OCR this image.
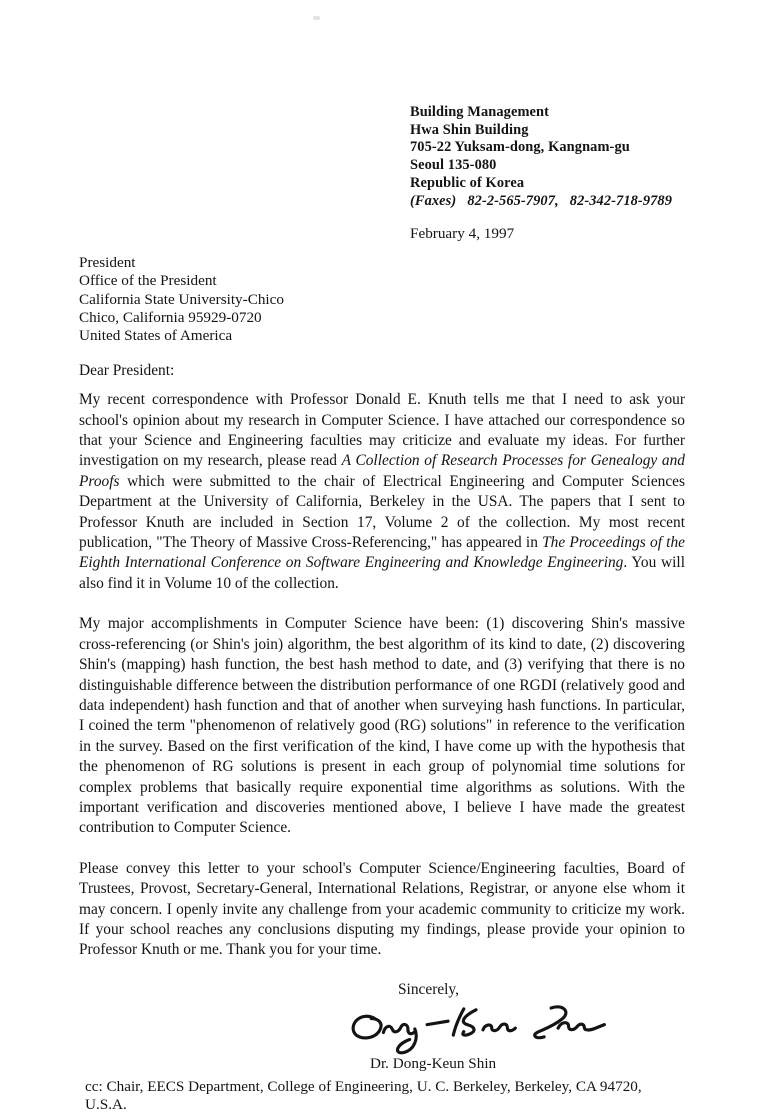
Building Management
Hwa Shin Building
705-22 Yuksam-dong, Kangnam-gu
Seoul 135-080
Republic of Korea
(Faxes)   82-2-565-7907,   82-342-718-9789
February 4, 1997
President
Office of the President
California State University-Chico
Chico, California 95929-0720
United States of America
Dear President:

My recent correspondence with Professor Donald E. Knuth tells me that I need to ask your school's opinion about my research in Computer Science. I have attached our correspondence so that your Science and Engineering faculties may criticize and evaluate my ideas. For further investigation on my research, please read A Collection of Research Processes for Genealogy and Proofs which were submitted to the chair of Electrical Engineering and Computer Sciences Department at the University of California, Berkeley in the USA. The papers that I sent to Professor Knuth are included in Section 17, Volume 2 of the collection. My most recent publication, "The Theory of Massive Cross-Referencing," has appeared in The Proceedings of the Eighth International Conference on Software Engineering and Knowledge Engineering. You will also find it in Volume 10 of the collection.

My major accomplishments in Computer Science have been: (1) discovering Shin's massive cross-referencing (or Shin's join) algorithm, the best algorithm of its kind to date, (2) discovering Shin's (mapping) hash function, the best hash method to date, and (3) verifying that there is no distinguishable difference between the distribution performance of one RGDI (relatively good and data independent) hash function and that of another when surveying hash functions. In particular, I coined the term "phenomenon of relatively good (RG) solutions" in reference to the verification in the survey. Based on the first verification of the kind, I have come up with the hypothesis that the phenomenon of RG solutions is present in each group of polynomial time solutions for complex problems that basically require exponential time algorithms as solutions. With the important verification and discoveries mentioned above, I believe I have made the greatest contribution to Computer Science.

Please convey this letter to your school's Computer Science/Engineering faculties, Board of Trustees, Provost, Secretary-General, International Relations, Registrar, or anyone else whom it may concern. I openly invite any challenge from your academic community to criticize my work. If your school reaches any conclusions disputing my findings, please provide your opinion to Professor Knuth or me. Thank you for your time.

Sincerely,
Dr. Dong-Keun Shin
cc: Chair, EECS Department, College of Engineering, U. C. Berkeley, Berkeley, CA 94720, U.S.A.
